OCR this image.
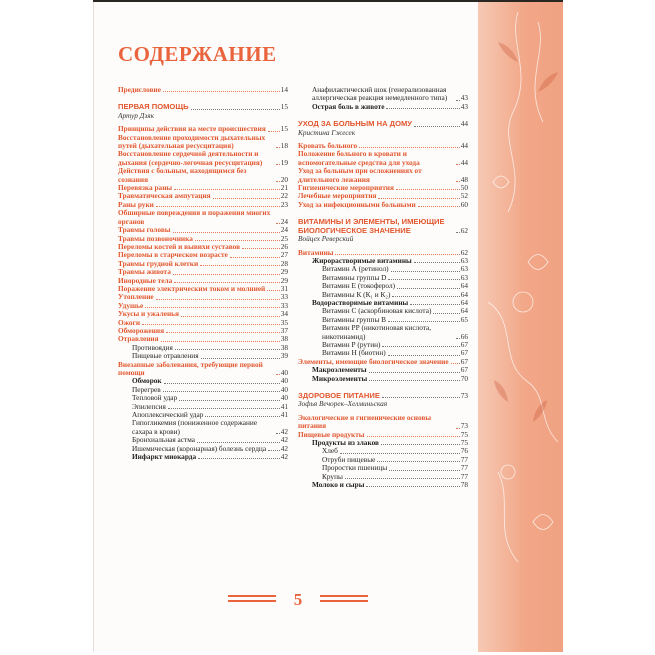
СОДЕРЖАНИЕ
Предисловие	14
ПЕРВАЯ ПОМОЩЬ	15
Артур Дзяк
Принципы действия на месте происшествия 15
Восстановление проходимости дыхательных путей (дыхательная ресусцитация)	18
Восстановление сердечной деятельности и дыхания (сердечно-легочная ресусцитация)	19
Действия с больным, находящимся без сознания	20
Перевязка раны	21
Травматическая ампутация	22
Раны руки	23
Обширные повреждения и поражения многих органов	24
Травмы головы	24
Травмы позвоночника	25
Переломы костей и вывихи суставов	26
Переломы в старческом возрасте	27
Травмы грудной клетки	28
Травмы живота	29
Инородные тела	29
Поражение электрическим током и молнией 31
Утопление	33
Удушье	33
Укусы и ужаленья	34
Ожоги	35
Обморожения	37
Отравления	38
Противоядия	38
Пищевые отравления	39
Внезапные заболевания, требующие первой помощи	40
Обморок	40
Перегрев	40
Тепловой удар	40
Эпилепсия	41
Апоплексический удар	41
Гипогликемия (пониженное содержание сахара в крови)	42
Бронхиальная астма	42
Ишемическая (коронарная) болезнь сердца 42
Инфаркт миокарда	42
Анафилактический шок (генерализованная аллергическая реакция немедленного типа)	43
Острая боль в животе	43
УХОД ЗА БОЛЬНЫМ НА ДОМУ	44
Кристина Гжесек
Кровать больного	44
Положение больного в кровати и вспомогательные средства для ухода	44
Уход за больным при осложнениях от длительного лежания	48
Гигиенические мероприятия	50
Лечебные мероприятия	52
Уход за инфекционными больными	60
ВИТАМИНЫ И ЭЛЕМЕНТЫ, ИМЕЮЩИЕ БИОЛОГИЧЕСКОЕ ЗНАЧЕНИЕ	62
Войцех Реверский
Витамины	62
Жирорастворимые витамины	63
Витамин А (ретинол)	63
Витамины группы D	63
Витамин Е (токоферол)	64
Витамины К (К₁ и К₂)	64
Водорастворимые витамины	64
Витамин С (аскорбиновая кислота)	64
Витамины группы В	65
Витамин РР (никотиновая кислота, никотинамид)	66
Витамин Р (рутин)	67
Витамин Н (биотин)	67
Элементы, имеющие биологическое значение 67
Макроэлементы	67
Микроэлементы	70
ЗДОРОВОЕ ПИТАНИЕ	73
Зофья Вечорек–Хелминьская
Экологические и гигиенические основы питания	73
Пищевые продукты	75
Продукты из злаков	75
Хлеб	76
Отруби пищевые	77
Проростки пшеницы	77
Крупы	77
Молоко и сыры	78
5
